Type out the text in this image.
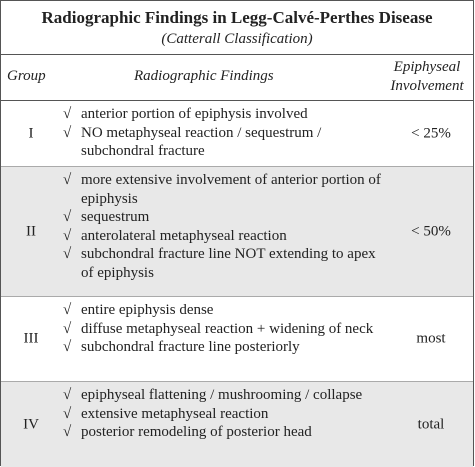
Radiographic Findings in Legg-Calvé-Perthes Disease
(Catterall Classification)
Group	Radiographic Findings
Epiphyseal
Involvement
I
√ anterior portion of epiphysis involved
√ NO metaphyseal reaction / sequestrum / subchondral fracture
< 25%
II
√ more extensive involvement of anterior portion of epiphysis
√ sequestrum
√ anterolateral metaphyseal reaction
√ subchondral fracture line NOT extending to apex of epiphysis
< 50%
III
√ entire epiphysis dense
√ diffuse metaphyseal reaction + widening of neck
√ subchondral fracture line posteriorly
most
IV
√ epiphyseal flattening / mushrooming / collapse
√ extensive metaphyseal reaction
√ posterior remodeling of posterior head	total
